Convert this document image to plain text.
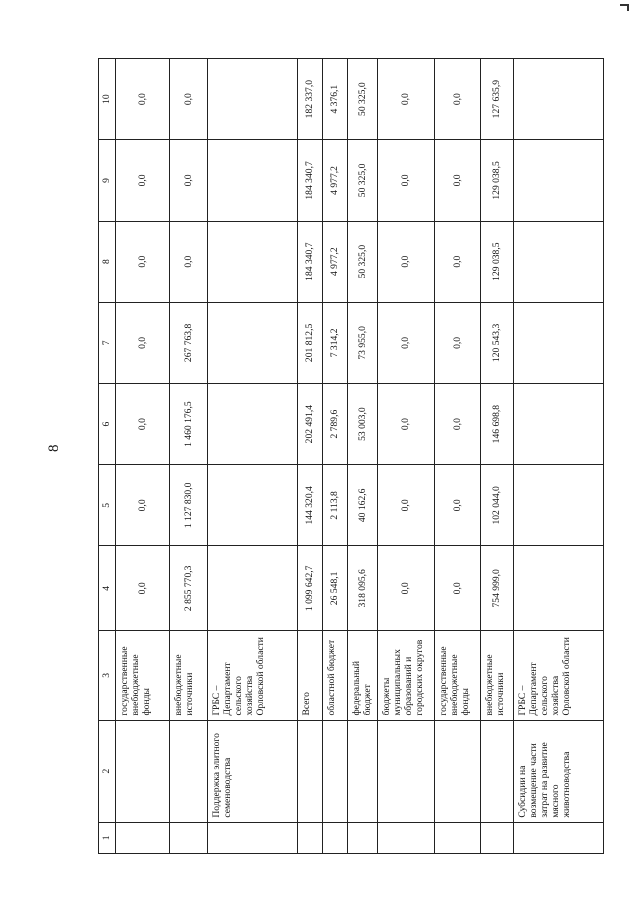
8
1	2	3	4	5	6	7	8	9	10
		государственные внебюджетные фонды	0,0	0,0	0,0	0,0	0,0	0,0	0,0
		внебюджетные источники	2 855 770,3	1 127 830,0	1 460 176,5	267 763,8	0,0	0,0	0,0
	Поддержка элитного семеноводства	ГРБС – Департамент сельского хозяйства Орловской области							
		Всего	1 099 642,7	144 320,4	202 491,4	201 812,5	184 340,7	184 340,7	182 337,0
		областной бюджет	26 548,1	2 113,8	2 789,6	7 314,2	4 977,2	4 977,2	4 376,1
		федеральный бюджет	318 095,6	40 162,6	53 003,0	73 955,0	50 325,0	50 325,0	50 325,0
		бюджеты муниципальных образований и городских округов	0,0	0,0	0,0	0,0	0,0	0,0	0,0
		государственные внебюджетные фонды	0,0	0,0	0,0	0,0	0,0	0,0	0,0
		внебюджетные источники	754 999,0	102 044,0	146 698,8	120 543,3	129 038,5	129 038,5	127 635,9
	Субсидии на возмещение части затрат на развитие мясного животноводства	ГРБС – Департамент сельского хозяйства Орловской области							
